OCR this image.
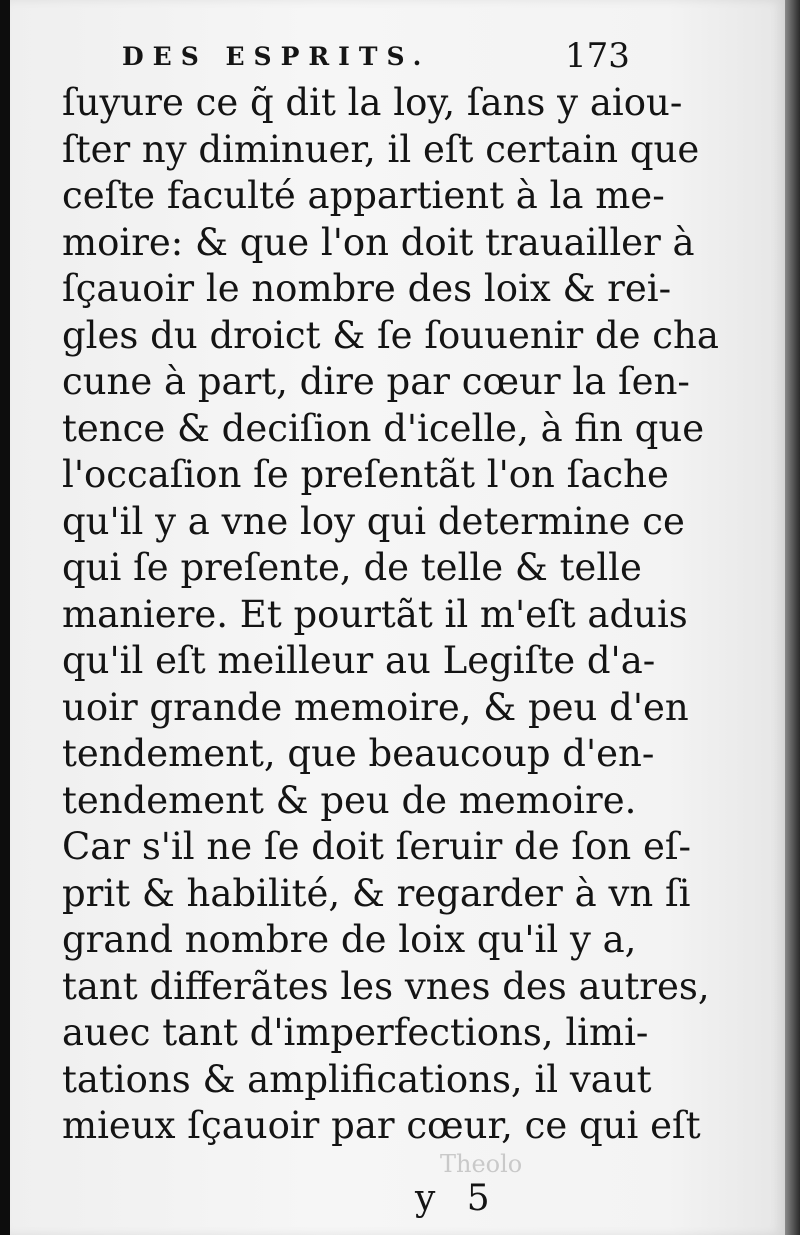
DES ESPRITS.	173
Theolo
ſuyure ce q̃ dit la loy, ſans y aiou-
ſter ny diminuer, il eſt certain que
ceſte faculté appartient à la me-
moire: & que l'on doit trauailler à
ſçauoir le nombre des loix & rei-
gles du droict & ſe ſouuenir de cha
cune à part, dire par cœur la ſen-
tence & deciſion d'icelle, à fin que
l'occaſion ſe preſentãt l'on ſache
qu'il y a vne loy qui determine ce
qui ſe preſente, de telle & telle
maniere. Et pourtãt il m'eſt aduis
qu'il eſt meilleur au Legiſte d'a-
uoir grande memoire, & peu d'en
tendement, que beaucoup d'en-
tendement & peu de memoire.
Car s'il ne ſe doit ſeruir de ſon eſ-
prit & habilité, & regarder à vn ſi
grand nombre de loix qu'il y a,
tant differãtes les vnes des autres,
auec tant d'imperfections, limi-
tations & amplifications, il vaut
mieux ſçauoir par cœur, ce qui eſt
y 5
